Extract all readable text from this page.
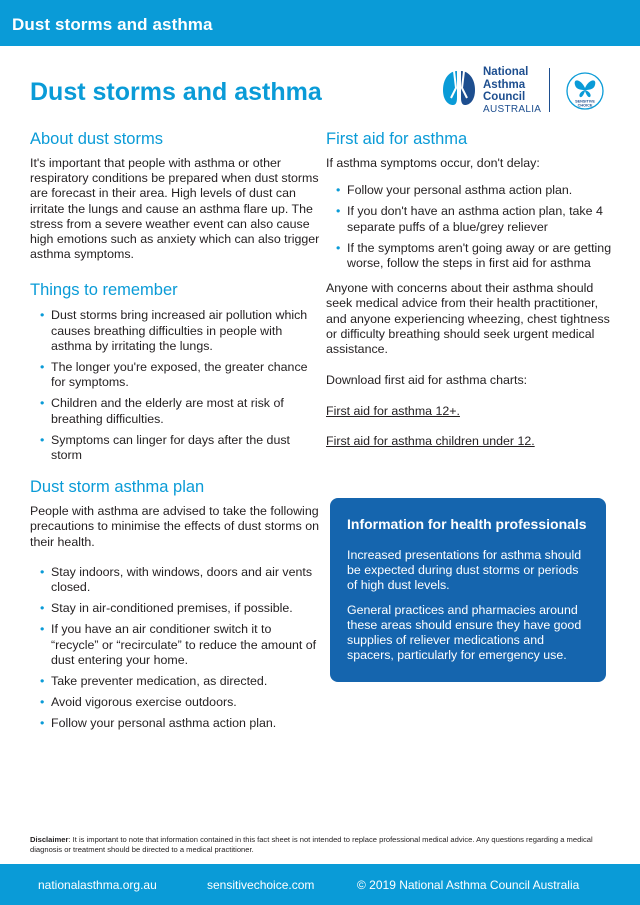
Dust storms and asthma
Dust storms and asthma
National
Asthma
Council
AUSTRALIA
SENSITIVE
CHOICE
About dust storms

It's important that people with asthma or other respiratory conditions be prepared when dust storms are forecast in their area. High levels of dust can irritate the lungs and cause an asthma flare up. The stress from a severe weather event can also cause high emotions such as anxiety which can also trigger asthma symptoms.

Things to remember
• Dust storms bring increased air pollution which causes breathing difficulties in people with asthma by irritating the lungs.
• The longer you're exposed, the greater chance for symptoms.
• Children and the elderly are most at risk of breathing difficulties.
• Symptoms can linger for days after the dust storm
Dust storm asthma plan

People with asthma are advised to take the following precautions to minimise the effects of dust storms on their health.

• Stay indoors, with windows, doors and air vents closed.
• Stay in air-conditioned premises, if possible.
• If you have an air conditioner switch it to “recycle” or “recirculate” to reduce the amount of dust entering your home.
• Take preventer medication, as directed.
• Avoid vigorous exercise outdoors.
• Follow your personal asthma action plan.
First aid for asthma

If asthma symptoms occur, don't delay:

• Follow your personal asthma action plan.
• If you don't have an asthma action plan, take 4 separate puffs of a blue/grey reliever
• If the symptoms aren't going away or are getting worse, follow the steps in first aid for asthma

Anyone with concerns about their asthma should seek medical advice from their health practitioner, and anyone experiencing wheezing, chest tightness or difficulty breathing should seek urgent medical assistance.

Download first aid for asthma charts:

First aid for asthma 12+.
First aid for asthma children under 12.
Information for health professionals

Increased presentations for asthma should be expected during dust storms or periods of high dust levels.

General practices and pharmacies around these areas should ensure they have good supplies of reliever medications and spacers, particularly for emergency use.

Disclaimer: It is important to note that information contained in this fact sheet is not intended to replace professional medical advice. Any questions regarding a medical diagnosis or treatment should be directed to a medical practitioner.
nationalasthma.org.au	sensitivechoice.com	© 2019 National Asthma Council Australia
